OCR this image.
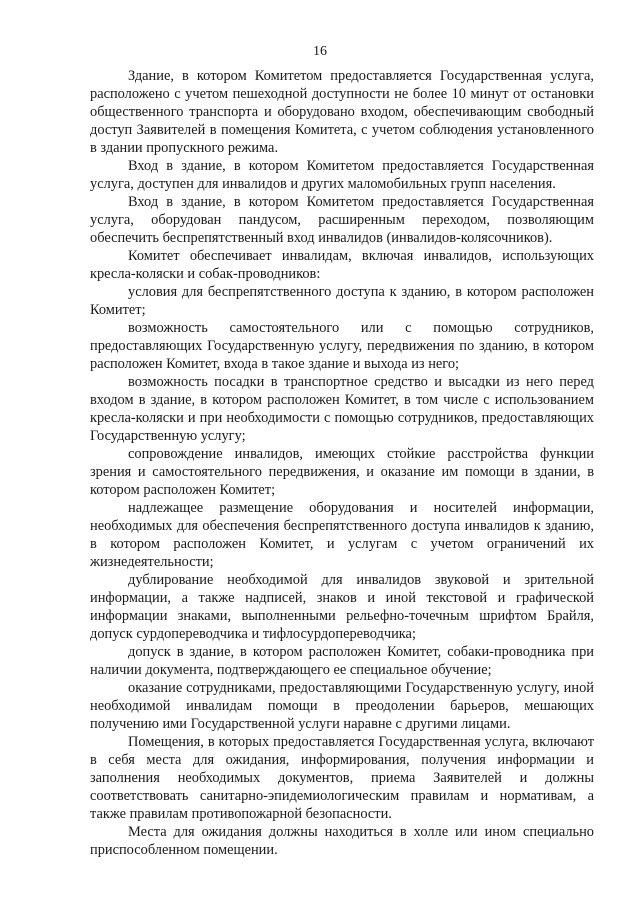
16

Здание, в котором Комитетом предоставляется Государственная услуга, расположено с учетом пешеходной доступности не более 10 минут от остановки общественного транспорта и оборудовано входом, обеспечивающим свободный доступ Заявителей в помещения Комитета, с учетом соблюдения установленного в здании пропускного режима.

Вход в здание, в котором Комитетом предоставляется Государственная услуга, доступен для инвалидов и других маломобильных групп населения.

Вход в здание, в котором Комитетом предоставляется Государственная услуга, оборудован пандусом, расширенным переходом, позволяющим обеспечить беспрепятственный вход инвалидов (инвалидов-колясочников).

Комитет обеспечивает инвалидам, включая инвалидов, использующих кресла-коляски и собак-проводников:

условия для беспрепятственного доступа к зданию, в котором расположен Комитет;

возможность самостоятельного или с помощью сотрудников, предоставляющих Государственную услугу, передвижения по зданию, в котором расположен Комитет, входа в такое здание и выхода из него;

возможность посадки в транспортное средство и высадки из него перед входом в здание, в котором расположен Комитет, в том числе с использованием кресла-коляски и при необходимости с помощью сотрудников, предоставляющих Государственную услугу;

сопровождение инвалидов, имеющих стойкие расстройства функции зрения и самостоятельного передвижения, и оказание им помощи в здании, в котором расположен Комитет;

надлежащее размещение оборудования и носителей информации, необходимых для обеспечения беспрепятственного доступа инвалидов к зданию, в котором расположен Комитет, и услугам с учетом ограничений их жизнедеятельности;

дублирование необходимой для инвалидов звуковой и зрительной информации, а также надписей, знаков и иной текстовой и графической информации знаками, выполненными рельефно-точечным шрифтом Брайля, допуск сурдопереводчика и тифлосурдопереводчика;

допуск в здание, в котором расположен Комитет, собаки-проводника при наличии документа, подтверждающего ее специальное обучение;

оказание сотрудниками, предоставляющими Государственную услугу, иной необходимой инвалидам помощи в преодолении барьеров, мешающих получению ими Государственной услуги наравне с другими лицами.

Помещения, в которых предоставляется Государственная услуга, включают в себя места для ожидания, информирования, получения информации и заполнения необходимых документов, приема Заявителей и должны соответствовать санитарно-эпидемиологическим правилам и нормативам, а также правилам противопожарной безопасности.

Места для ожидания должны находиться в холле или ином специально приспособленном помещении.
